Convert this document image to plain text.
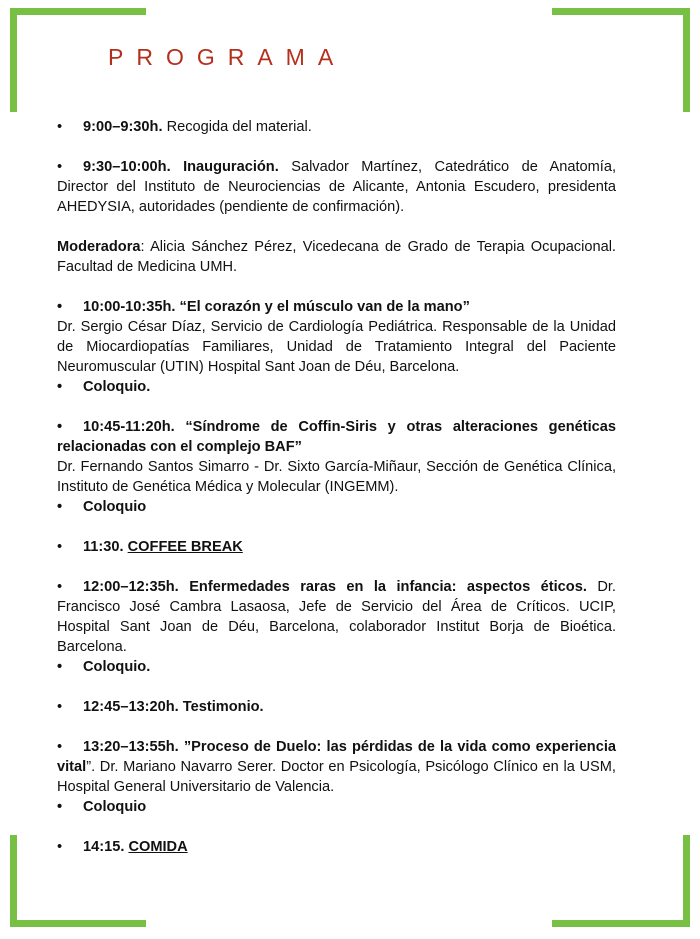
PROGRAMA

• 9:00–9:30h. Recogida del material.

• 9:30–10:00h. Inauguración. Salvador Martínez, Catedrático de Anatomía, Director del Instituto de Neurociencias de Alicante, Antonia Escudero, presidenta AHEDYSIA, autoridades (pendiente de confirmación).

Moderadora: Alicia Sánchez Pérez, Vicedecana de Grado de Terapia Ocupacional. Facultad de Medicina UMH.

• 10:00-10:35h. “El corazón y el músculo van de la mano”
Dr. Sergio César Díaz, Servicio de Cardiología Pediátrica. Responsable de la Unidad de Miocardiopatías Familiares, Unidad de Tratamiento Integral del Paciente Neuromuscular (UTIN) Hospital Sant Joan de Déu, Barcelona.
• Coloquio.
• 10:45-11:20h. “Síndrome de Coffin-Siris y otras alteraciones genéticas relacionadas con el complejo BAF”
Dr. Fernando Santos Simarro - Dr. Sixto García-Miñaur, Sección de Genética Clínica, Instituto de Genética Médica y Molecular (INGEMM).
• Coloquio

• 11:30. COFFEE BREAK

• 12:00–12:35h. Enfermedades raras en la infancia: aspectos éticos. Dr. Francisco José Cambra Lasaosa, Jefe de Servicio del Área de Críticos. UCIP, Hospital Sant Joan de Déu, Barcelona, colaborador Institut Borja de Bioética. Barcelona.
• Coloquio.

• 12:45–13:20h. Testimonio.

• 13:20–13:55h. ”Proceso de Duelo: las pérdidas de la vida como experiencia vital”. Dr. Mariano Navarro Serer. Doctor en Psicología, Psicólogo Clínico en la USM, Hospital General Universitario de Valencia.
• Coloquio

• 14:15. COMIDA
